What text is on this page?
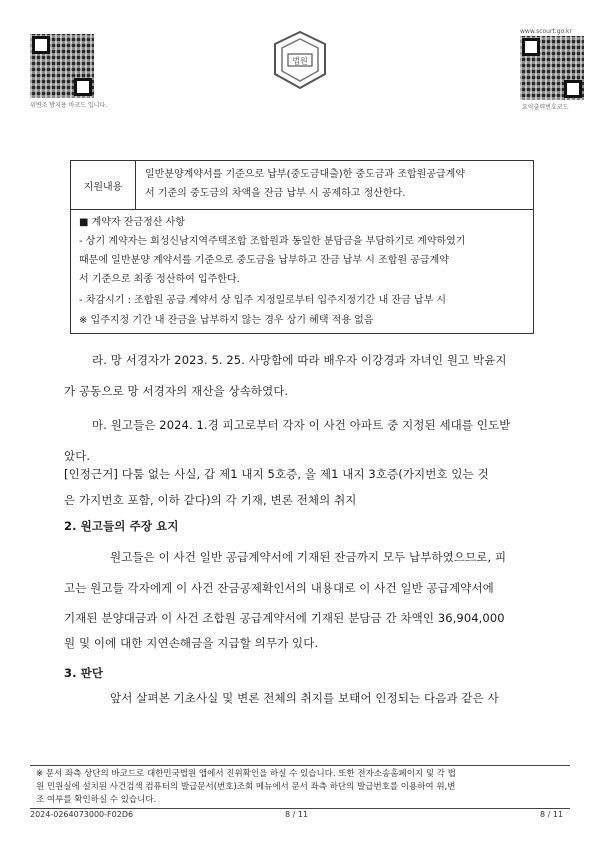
위변조 방지용 바코드 입니다.
법원
www.scourt.go.kr
요약출력번호코드
지원내용
일반분양계약서를 기준으로 납부(중도금대출)한 중도금과 조합원공급계약
서 기준의 중도금의 차액을 잔금 납부 시 공제하고 정산한다.
■ 계약자 잔금정산 사항
- 상기 계약자는 회성신남지역주택조합 조합원과 동일한 분담금을 부담하기로 계약하였기
때문에 일반분양 계약서를 기준으로 중도금을 납부하고 잔금 납부 시 조합원 공급계약
서 기준으로 최종 정산하여 입주한다.
- 차감시기 : 조합원 공급 계약서 상 입주 지정일로부터 입주지정기간 내 잔금 납부 시
※ 입주지정 기간 내 잔금을 납부하지 않는 경우 상기 혜택 적용 없음
라. 망 서경자가 2023. 5. 25. 사망함에 따라 배우자 이강경과 자녀인 원고 박윤지
가 공동으로 망 서경자의 재산을 상속하였다.
마. 원고들은 2024. 1.경 피고로부터 각자 이 사건 아파트 중 지정된 세대를 인도받
았다.
[인정근거] 다툼 없는 사실, 갑 제1 내지 5호증, 을 제1 내지 3호증(가지번호 있는 것
은 가지번호 포함, 이하 같다)의 각 기재, 변론 전체의 취지
2. 원고들의 주장 요지
원고들은 이 사건 일반 공급계약서에 기재된 잔금까지 모두 납부하였으므로, 피
고는 원고들 각자에게 이 사건 잔금공제확인서의 내용대로 이 사건 일반 공급계약서에
기재된 분양대금과 이 사건 조합원 공급계약서에 기재된 분담금 간 차액인 36,904,000
원 및 이에 대한 지연손해금을 지급할 의무가 있다.
3. 판단
앞서 살펴본 기초사실 및 변론 전체의 취지를 보태어 인정되는 다음과 같은 사
※ 문서 좌측 상단의 바코드로 대한민국법원 앱에서 진위확인을 하실 수 있습니다. 또한 전자소송홈페이지 및 각 법
원 민원실에 설치된 사건검색 컴퓨터의 발급문서(번호)조회 메뉴에서 문서 좌측 하단의 발급번호를 이용하여 위,변
조 여부를 확인하실 수 있습니다.
2024-0264073000-F02D6	8 / 11	8 / 11
